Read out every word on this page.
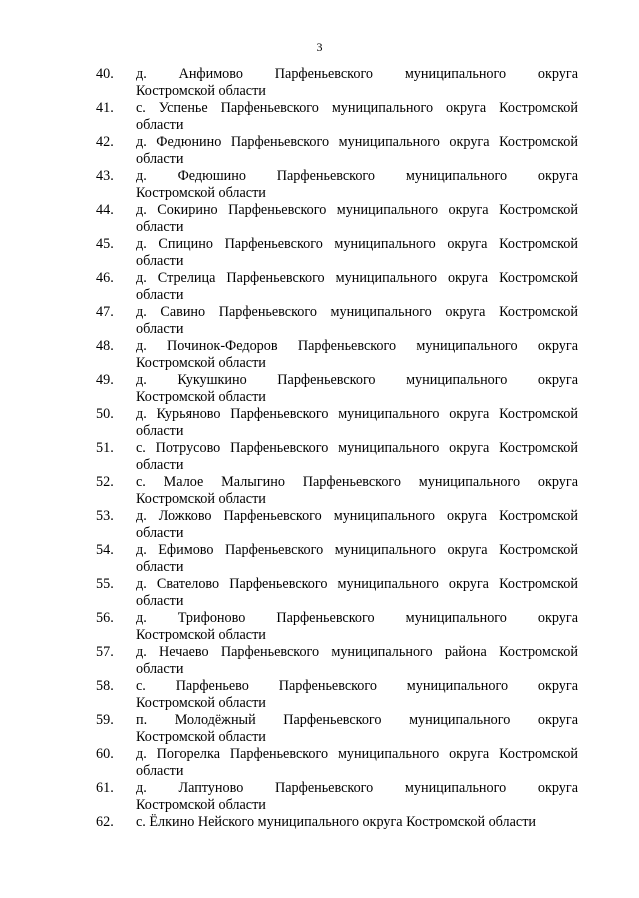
3
40. д. Анфимово Парфеньевского муниципального округа
Костромской области
41. с. Успенье Парфеньевского муниципального округа Костромской
области
42. д. Федюнино Парфеньевского муниципального округа Костромской
области
43. д. Федюшино Парфеньевского муниципального округа
Костромской области
44. д. Сокирино Парфеньевского муниципального округа Костромской
области
45. д. Спицино Парфеньевского муниципального округа Костромской
области
46. д. Стрелица Парфеньевского муниципального округа Костромской
области
47. д. Савино Парфеньевского муниципального округа Костромской
области
48. д. Починок-Федоров Парфеньевского муниципального округа
Костромской области
49. д. Кукушкино Парфеньевского муниципального округа
Костромской области
50. д. Курьяново Парфеньевского муниципального округа Костромской
области
51. с. Потрусово Парфеньевского муниципального округа Костромской
области
52. с. Малое Малыгино Парфеньевского муниципального округа
Костромской области
53. д. Ложково Парфеньевского муниципального округа Костромской
области
54. д. Ефимово Парфеньевского муниципального округа Костромской
области
55. д. Свателово Парфеньевского муниципального округа Костромской
области
56. д. Трифоново Парфеньевского муниципального округа
Костромской области
57. д. Нечаево Парфеньевского муниципального района Костромской
области
58. с. Парфеньево Парфеньевского муниципального округа
Костромской области
59. п. Молодёжный Парфеньевского муниципального округа
Костромской области
60. д. Погорелка Парфеньевского муниципального округа Костромской
области
61. д. Лаптуново Парфеньевского муниципального округа
Костромской области
62. с. Ёлкино Нейского муниципального округа Костромской области
